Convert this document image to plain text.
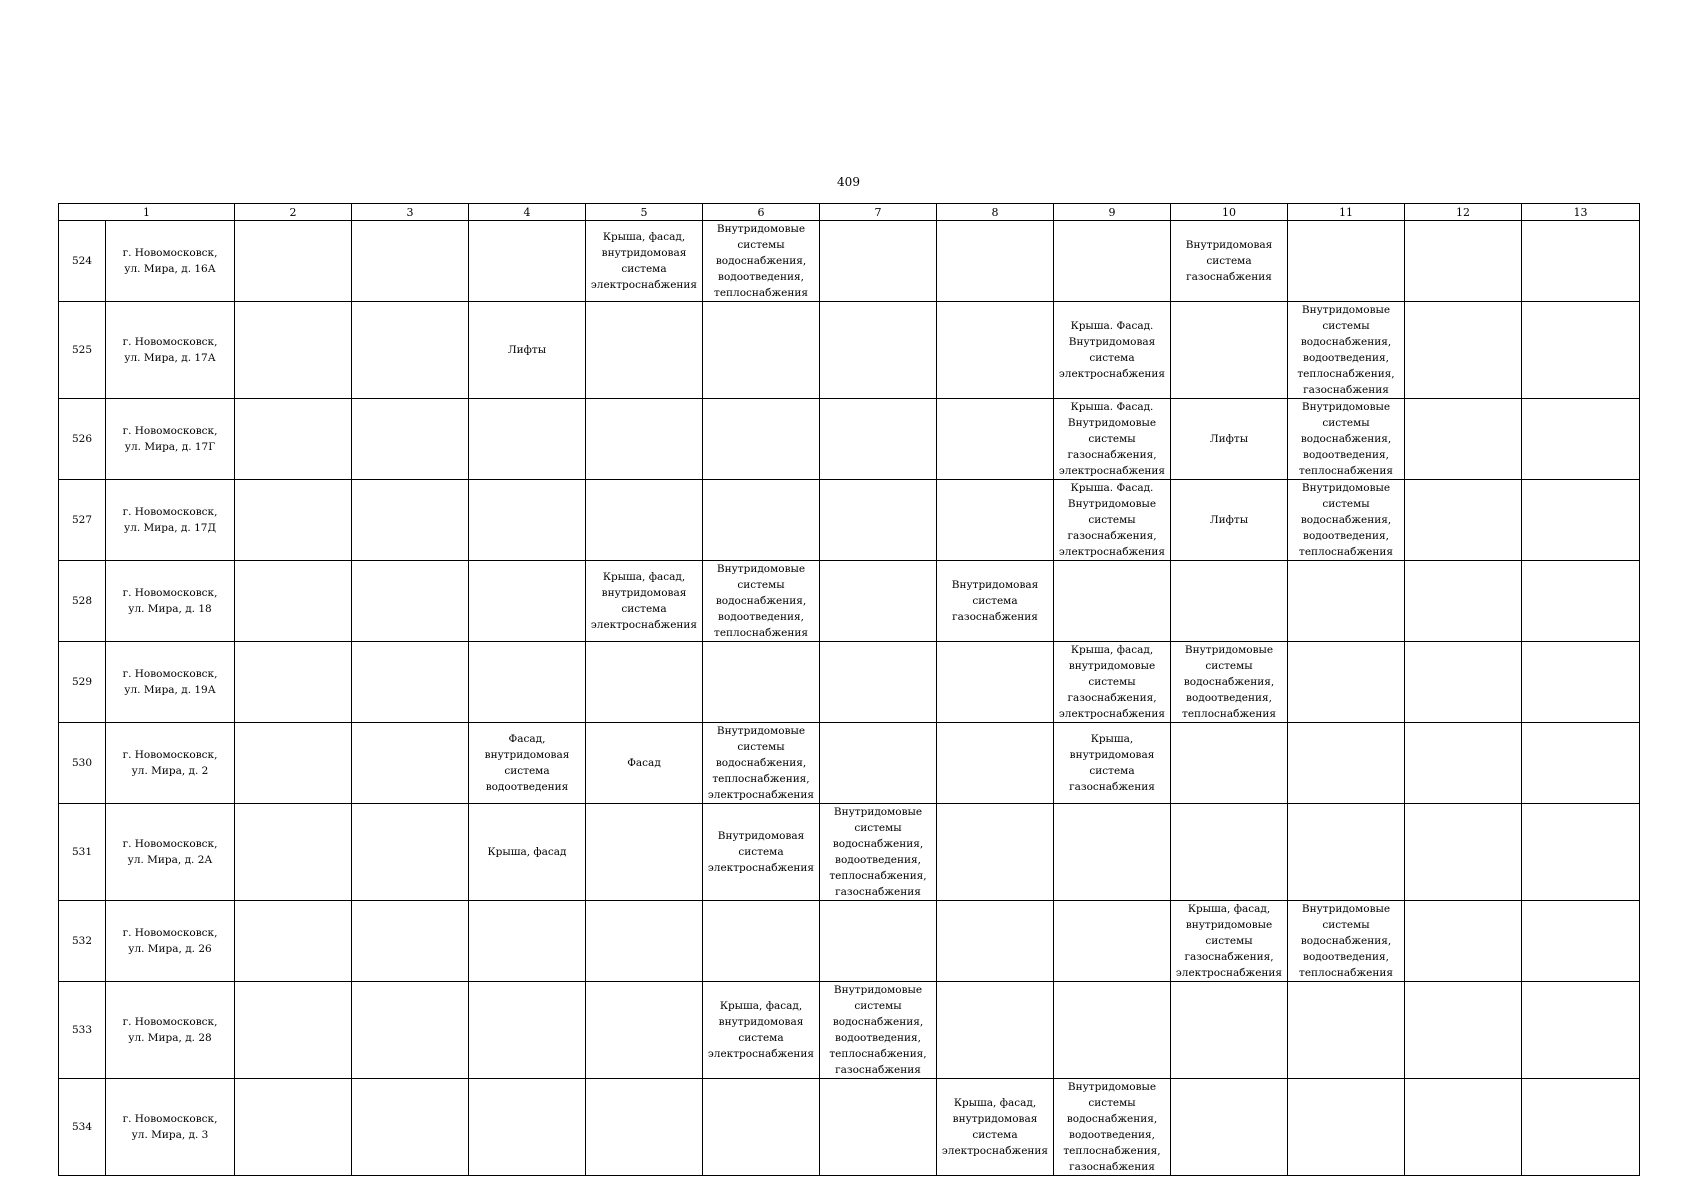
409
1		2	3	4	5	6	7	8	9	10	11	12	13
524	г. Новомосковск,
ул. Мира, д. 16А				Крыша, фасад, внутридомовая система электроснабжения	Внутридомовые системы водоснабжения, водоотведения, теплоснабжения				Внутридомовая система газоснабжения			
525	г. Новомосковск,
ул. Мира, д. 17А			Лифты					Крыша. Фасад. Внутридомовая система электроснабжения		Внутридомовые системы водоснабжения, водоотведения, теплоснабжения, газоснабжения		
526	г. Новомосковск,
ул. Мира, д. 17Г								Крыша. Фасад. Внутридомовые системы газоснабжения, электроснабжения	Лифты	Внутридомовые системы водоснабжения, водоотведения, теплоснабжения		
527	г. Новомосковск,
ул. Мира, д. 17Д								Крыша. Фасад. Внутридомовые системы газоснабжения, электроснабжения	Лифты	Внутридомовые системы водоснабжения, водоотведения, теплоснабжения		
528	г. Новомосковск,
ул. Мира, д. 18				Крыша, фасад, внутридомовая система электроснабжения	Внутридомовые системы водоснабжения, водоотведения, теплоснабжения		Внутридомовая система газоснабжения					
529	г. Новомосковск,
ул. Мира, д. 19А								Крыша, фасад, внутридомовые системы газоснабжения, электроснабжения	Внутридомовые системы водоснабжения, водоотведения, теплоснабжения			
530	г. Новомосковск,
ул. Мира, д. 2			Фасад, внутридомовая система водоотведения	Фасад	Внутридомовые системы водоснабжения, теплоснабжения, электроснабжения			Крыша, внутридомовая система газоснабжения				
531	г. Новомосковск,
ул. Мира, д. 2А			Крыша, фасад		Внутридомовая система электроснабжения	Внутридомовые системы водоснабжения, водоотведения, теплоснабжения, газоснабжения						
532	г. Новомосковск,
ул. Мира, д. 26									Крыша, фасад, внутридомовые системы газоснабжения, электроснабжения	Внутридомовые системы водоснабжения, водоотведения, теплоснабжения		
533	г. Новомосковск,
ул. Мира, д. 28					Крыша, фасад, внутридомовая система электроснабжения	Внутридомовые системы водоснабжения, водоотведения, теплоснабжения, газоснабжения						
534	г. Новомосковск,
ул. Мира, д. 3							Крыша, фасад, внутридомовая система электроснабжения	Внутридомовые системы водоснабжения, водоотведения, теплоснабжения, газоснабжения				
